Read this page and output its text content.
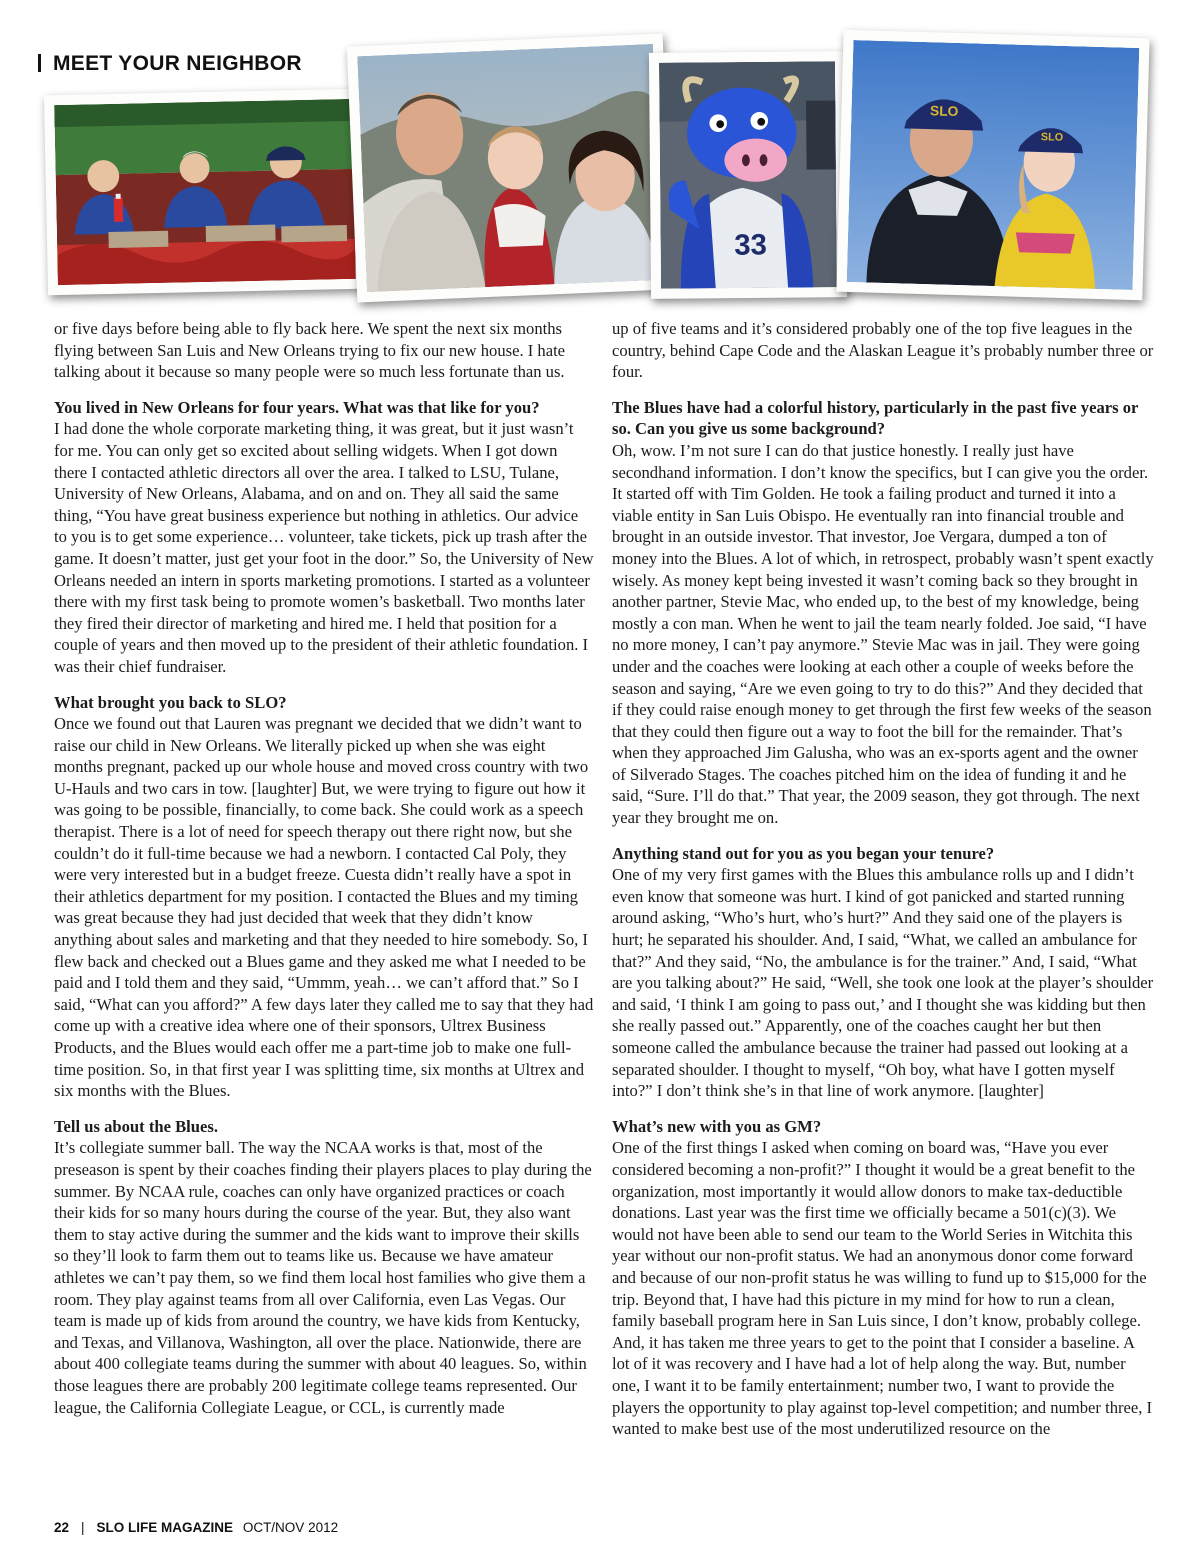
MEET YOUR NEIGHBOR
33
SLO
SLO
or five days before being able to fly back here. We spent the next six months flying between San Luis and New Orleans trying to fix our new house. I hate talking about it because so many people were so much less fortunate than us.
You lived in New Orleans for four years. What was that like for you?
I had done the whole corporate marketing thing, it was great, but it just wasn’t for me. You can only get so excited about selling widgets. When I got down there I contacted athletic directors all over the area. I talked to LSU, Tulane, University of New Orleans, Alabama, and on and on. They all said the same thing, “You have great business experience but nothing in athletics. Our advice to you is to get some experience… volunteer, take tickets, pick up trash after the game. It doesn’t matter, just get your foot in the door.” So, the University of New Orleans needed an intern in sports marketing promotions. I started as a volunteer there with my first task being to promote women’s basketball. Two months later they fired their director of marketing and hired me. I held that position for a couple of years and then moved up to the president of their athletic foundation. I was their chief fundraiser.
What brought you back to SLO?
Once we found out that Lauren was pregnant we decided that we didn’t want to raise our child in New Orleans. We literally picked up when she was eight months pregnant, packed up our whole house and moved cross country with two U-Hauls and two cars in tow. [laughter] But, we were trying to figure out how it was going to be possible, financially, to come back. She could work as a speech therapist. There is a lot of need for speech therapy out there right now, but she couldn’t do it full-time because we had a newborn. I contacted Cal Poly, they were very interested but in a budget freeze. Cuesta didn’t really have a spot in their athletics department for my position. I contacted the Blues and my timing was great because they had just decided that week that they didn’t know anything about sales and marketing and that they needed to hire somebody. So, I flew back and checked out a Blues game and they asked me what I needed to be paid and I told them and they said, “Ummm, yeah… we can’t afford that.” So I said, “What can you afford?” A few days later they called me to say that they had come up with a creative idea where one of their sponsors, Ultrex Business Products, and the Blues would each offer me a part-time job to make one full-time position. So, in that first year I was splitting time, six months at Ultrex and six months with the Blues.
Tell us about the Blues.
It’s collegiate summer ball. The way the NCAA works is that, most of the preseason is spent by their coaches finding their players places to play during the summer. By NCAA rule, coaches can only have organized practices or coach their kids for so many hours during the course of the year. But, they also want them to stay active during the summer and the kids want to improve their skills so they’ll look to farm them out to teams like us. Because we have amateur athletes we can’t pay them, so we find them local host families who give them a room. They play against teams from all over California, even Las Vegas. Our team is made up of kids from around the country, we have kids from Kentucky, and Texas, and Villanova, Washington, all over the place. Nationwide, there are about 400 collegiate teams during the summer with about 40 leagues. So, within those leagues there are probably 200 legitimate college teams represented. Our league, the California Collegiate League, or CCL, is currently made
up of five teams and it’s considered probably one of the top five leagues in the country, behind Cape Code and the Alaskan League it’s probably number three or four.
The Blues have had a colorful history, particularly in the past five years or so. Can you give us some background?
Oh, wow. I’m not sure I can do that justice honestly. I really just have secondhand information. I don’t know the specifics, but I can give you the order. It started off with Tim Golden. He took a failing product and turned it into a viable entity in San Luis Obispo. He eventually ran into financial trouble and brought in an outside investor. That investor, Joe Vergara, dumped a ton of money into the Blues. A lot of which, in retrospect, probably wasn’t spent exactly wisely. As money kept being invested it wasn’t coming back so they brought in another partner, Stevie Mac, who ended up, to the best of my knowledge, being mostly a con man. When he went to jail the team nearly folded. Joe said, “I have no more money, I can’t pay anymore.” Stevie Mac was in jail. They were going under and the coaches were looking at each other a couple of weeks before the season and saying, “Are we even going to try to do this?” And they decided that if they could raise enough money to get through the first few weeks of the season that they could then figure out a way to foot the bill for the remainder. That’s when they approached Jim Galusha, who was an ex-sports agent and the owner of Silverado Stages. The coaches pitched him on the idea of funding it and he said, “Sure. I’ll do that.” That year, the 2009 season, they got through. The next year they brought me on.
Anything stand out for you as you began your tenure?
One of my very first games with the Blues this ambulance rolls up and I didn’t even know that someone was hurt. I kind of got panicked and started running around asking, “Who’s hurt, who’s hurt?” And they said one of the players is hurt; he separated his shoulder. And, I said, “What, we called an ambulance for that?” And they said, “No, the ambulance is for the trainer.” And, I said, “What are you talking about?” He said, “Well, she took one look at the player’s shoulder and said, ‘I think I am going to pass out,’ and I thought she was kidding but then she really passed out.” Apparently, one of the coaches caught her but then someone called the ambulance because the trainer had passed out looking at a separated shoulder. I thought to myself, “Oh boy, what have I gotten myself into?” I don’t think she’s in that line of work anymore. [laughter]
What’s new with you as GM?
One of the first things I asked when coming on board was, “Have you ever considered becoming a non-profit?” I thought it would be a great benefit to the organization, most importantly it would allow donors to make tax-deductible donations. Last year was the first time we officially became a 501(c)(3). We would not have been able to send our team to the World Series in Witchita this year without our non-profit status. We had an anonymous donor come forward and because of our non-profit status he was willing to fund up to $15,000 for the trip. Beyond that, I have had this picture in my mind for how to run a clean, family baseball program here in San Luis since, I don’t know, probably college. And, it has taken me three years to get to the point that I consider a baseline. A lot of it was recovery and I have had a lot of help along the way. But, number one, I want it to be family entertainment; number two, I want to provide the players the opportunity to play against top-level competition; and number three, I wanted to make best use of the most underutilized resource on the
22 | SLO LIFE MAGAZINE OCT/NOV 2012
